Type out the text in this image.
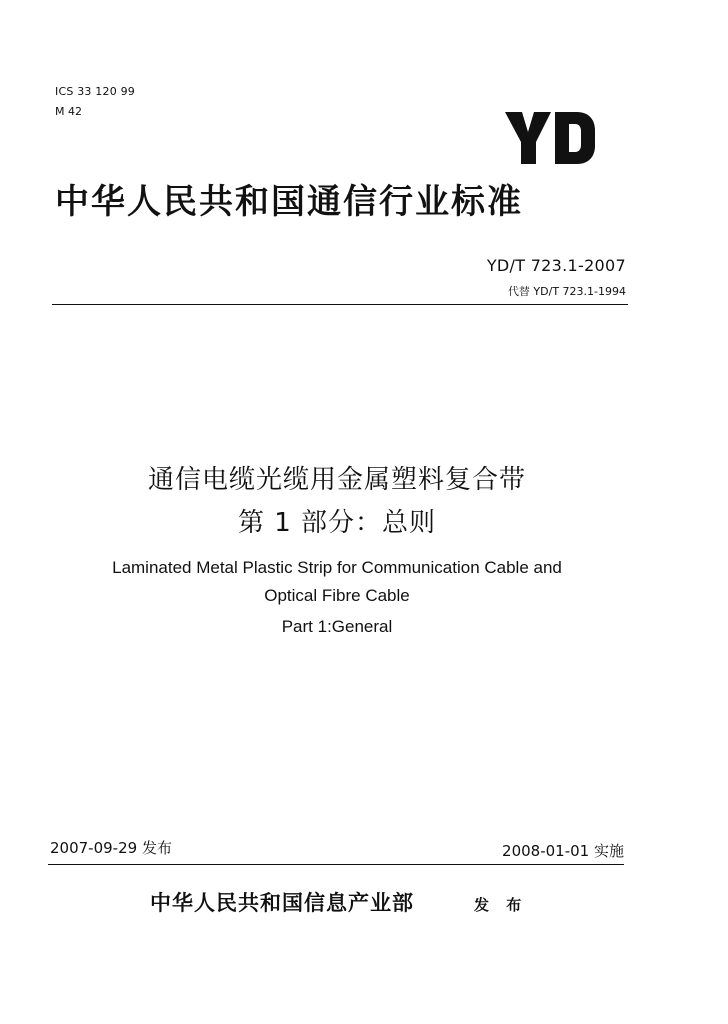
ICS 33 120 99
M 42
中华人民共和国通信行业标准
YD/T 723.1-2007
代替 YD/T 723.1-1994
通信电缆光缆用金属塑料复合带
第 1 部分：总则
Laminated Metal Plastic Strip for Communication Cable and
Optical Fibre Cable
Part 1:General
2007-09-29 发布	2008-01-01 实施
中华人民共和国信息产业部	发 布
